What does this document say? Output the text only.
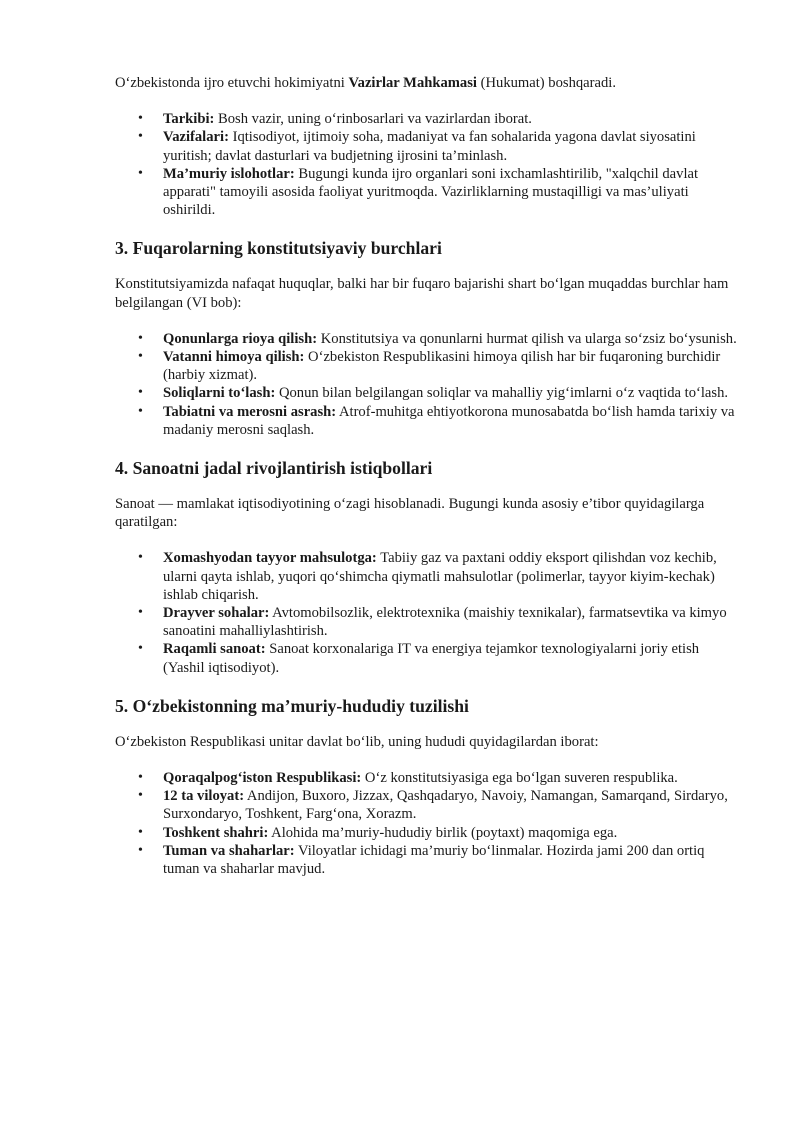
O‘zbekistonda ijro etuvchi hokimiyatni Vazirlar Mahkamasi (Hukumat) boshqaradi.

• Tarkibi: Bosh vazir, uning o‘rinbosarlari va vazirlardan iborat.
• Vazifalari: Iqtisodiyot, ijtimoiy soha, madaniyat va fan sohalarida yagona davlat siyosatini yuritish; davlat dasturlari va budjetning ijrosini ta’minlash.
• Ma’muriy islohotlar: Bugungi kunda ijro organlari soni ixchamlashtirilib, "xalqchil davlat apparati" tamoyili asosida faoliyat yuritmoqda. Vazirliklarning mustaqilligi va mas’uliyati oshirildi.
3. Fuqarolarning konstitutsiyaviy burchlari

Konstitutsiyamizda nafaqat huquqlar, balki har bir fuqaro bajarishi shart bo‘lgan muqaddas burchlar ham belgilangan (VI bob):

• Qonunlarga rioya qilish: Konstitutsiya va qonunlarni hurmat qilish va ularga so‘zsiz bo‘ysunish.
• Vatanni himoya qilish: O‘zbekiston Respublikasini himoya qilish har bir fuqaroning burchidir (harbiy xizmat).
• Soliqlarni to‘lash: Qonun bilan belgilangan soliqlar va mahalliy yig‘imlarni o‘z vaqtida to‘lash.
• Tabiatni va merosni asrash: Atrof-muhitga ehtiyotkorona munosabatda bo‘lish hamda tarixiy va madaniy merosni saqlash.
4. Sanoatni jadal rivojlantirish istiqbollari

Sanoat — mamlakat iqtisodiyotining o‘zagi hisoblanadi. Bugungi kunda asosiy e’tibor quyidagilarga qaratilgan:

• Xomashyodan tayyor mahsulotga: Tabiiy gaz va paxtani oddiy eksport qilishdan voz kechib, ularni qayta ishlab, yuqori qo‘shimcha qiymatli mahsulotlar (polimerlar, tayyor kiyim-kechak) ishlab chiqarish.
• Drayver sohalar: Avtomobilsozlik, elektrotexnika (maishiy texnikalar), farmatsevtika va kimyo sanoatini mahalliylashtirish.
• Raqamli sanoat: Sanoat korxonalariga IT va energiya tejamkor texnologiyalarni joriy etish (Yashil iqtisodiyot).
5. O‘zbekistonning ma’muriy-hududiy tuzilishi

O‘zbekiston Respublikasi unitar davlat bo‘lib, uning hududi quyidagilardan iborat:

• Qoraqalpog‘iston Respublikasi: O‘z konstitutsiyasiga ega bo‘lgan suveren respublika.
• 12 ta viloyat: Andijon, Buxoro, Jizzax, Qashqadaryo, Navoiy, Namangan, Samarqand, Sirdaryo, Surxondaryo, Toshkent, Farg‘ona, Xorazm.
• Toshkent shahri: Alohida ma’muriy-hududiy birlik (poytaxt) maqomiga ega.
• Tuman va shaharlar: Viloyatlar ichidagi ma’muriy bo‘linmalar. Hozirda jami 200 dan ortiq tuman va shaharlar mavjud.
